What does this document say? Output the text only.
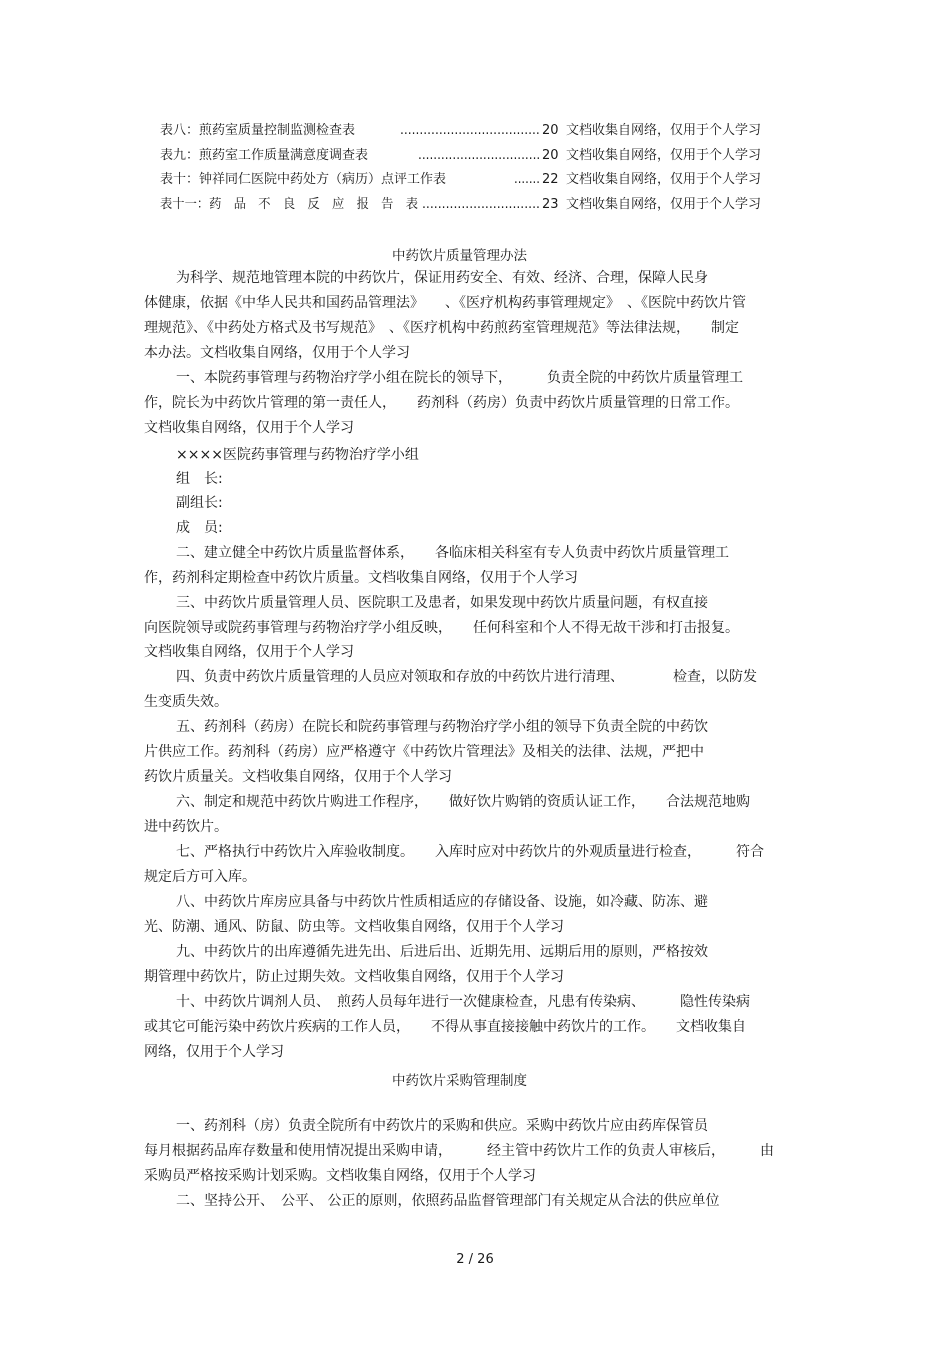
表八：煎药室质量控制监测检查表	.................................... 20 文档收集自网络，仅用于个人学习
表九：煎药室工作质量满意度调查表	................................ 20 文档收集自网络，仅用于个人学习
表十：钟祥同仁医院中药处方（病历）点评工作表	....... 22 文档收集自网络，仅用于个人学习
表十一：药　品　不　良　反　应　报　告　表 .............................. 23 文档收集自网络，仅用于个人学习
中药饮片质量管理办法
为科学、规范地管理本院的中药饮片，保证用药安全、有效、经济、合理，保障人民身
体健康，依据《中华人民共和国药品管理法》　　、《医疗机构药事管理规定》　、《医院中药饮片管
理规范》、《中药处方格式及书写规范》　、《医疗机构中药煎药室管理规范》等法律法规，　　制定
本办法。文档收集自网络，仅用于个人学习
一、本院药事管理与药物治疗学小组在院长的领导下，　　　负责全院的中药饮片质量管理工
作，院长为中药饮片管理的第一责任人，　　药剂科（药房）负责中药饮片质量管理的日常工作。
文档收集自网络，仅用于个人学习
××××医院药事管理与药物治疗学小组
组　长:
副组长:
成　员:
二、建立健全中药饮片质量监督体系，　　各临床相关科室有专人负责中药饮片质量管理工
作，药剂科定期检查中药饮片质量。文档收集自网络，仅用于个人学习
三、中药饮片质量管理人员、医院职工及患者，如果发现中药饮片质量问题，有权直接
向医院领导或院药事管理与药物治疗学小组反映，　　任何科室和个人不得无故干涉和打击报复。
文档收集自网络，仅用于个人学习
四、负责中药饮片质量管理的人员应对领取和存放的中药饮片进行清理、　　　　检查，以防发
生变质失效。
五、药剂科（药房）在院长和院药事管理与药物治疗学小组的领导下负责全院的中药饮
片供应工作。药剂科（药房）应严格遵守《中药饮片管理法》及相关的法律、法规，严把中
药饮片质量关。文档收集自网络，仅用于个人学习
六、制定和规范中药饮片购进工作程序，　　做好饮片购销的资质认证工作，　　合法规范地购
进中药饮片。
七、严格执行中药饮片入库验收制度。　　入库时应对中药饮片的外观质量进行检查，　　　符合
规定后方可入库。
八、中药饮片库房应具备与中药饮片性质相适应的存储设备、设施，如冷藏、防冻、避
光、防潮、通风、防鼠、防虫等。文档收集自网络，仅用于个人学习
九、中药饮片的出库遵循先进先出、后进后出、近期先用、远期后用的原则，严格按效
期管理中药饮片，防止过期失效。文档收集自网络，仅用于个人学习
十、中药饮片调剂人员、　煎药人员每年进行一次健康检查，凡患有传染病、　　　隐性传染病
或其它可能污染中药饮片疾病的工作人员，　　不得从事直接接触中药饮片的工作。　　文档收集自
网络，仅用于个人学习
中药饮片采购管理制度
一、药剂科（房）负责全院所有中药饮片的采购和供应。采购中药饮片应由药库保管员
每月根据药品库存数量和使用情况提出采购申请，　　　经主管中药饮片工作的负责人审核后，　　　由
采购员严格按采购计划采购。文档收集自网络，仅用于个人学习
二、坚持公开、　公平、 公正的原则，依照药品监督管理部门有关规定从合法的供应单位
2 / 26
